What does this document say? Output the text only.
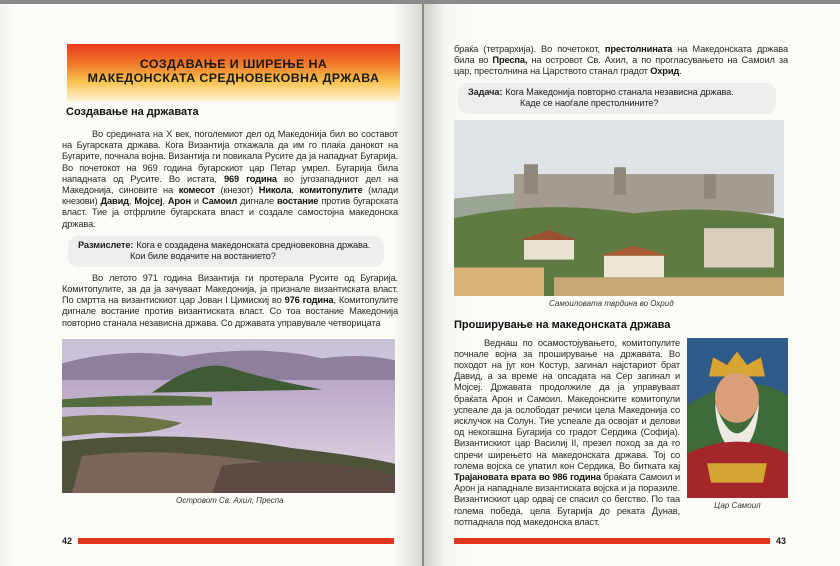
СОЗДАВАЊЕ И ШИРЕЊЕ НА
МАКЕДОНСКАТА СРЕДНОВЕКОВНА ДРЖАВА
Создавање на државата

Во средината на X век, поголемиот дел од Македонија бил во составот на Бугарската држава. Кога Византија откажала да им го плаќа данокот на Бугарите, почнала војна. Византија ги повикала Русите да ја нападнат Бугарија. Во почетокот на 969 година бугарскиот цар Петар умрел. Бугарија била нападната од Русите. Во истата, 969 година во југозападниот дел на Македонија, синовите на комесот (кнезот) Никола, комитопулите (млади кнезови) Давид, Мојсеј, Арон и Самоил дигнале востание против бугарската власт. Тие ја отфрлиле бугарската власт и создале самостојна македонска држава.

Размислете: Кога е создадена македонската средновековна држава.
Кои биле водачите на востанието?

Во летото 971 година Византија ги протерала Русите од Бугарија. Комитопулите, за да ја зачуваат Македонија, ја признале византиската власт. По смртта на византискиот цар Јован I Цимискиј во 976 година, Комитопулите дигнале востание против византиската власт. Со тоа востание Македонија повторно станала независна држава. Со државата управувале четворицата

Островот Св. Ахил, Преспа
42

браќа (тетрархија). Во почетокот, престолнината на Македонската држава била во Преспа, на островот Св. Ахил, а по прогласувањето на Самоил за цар, престолнина на Царството станал градот Охрид.

Задача: Кога Македонија повторно станала независна држава.
Каде се наоѓале престолнините?
Самоиловата тврдина во Охрид
Проширување на македонската држава

Веднаш по осамостојувањето, комитопулите почнале војна за проширување на државата. Во походот на југ кон Костур, загинал најстариот брат Давид, а за време на опсадата на Сер загинал и Мојсеј. Државата продолжиле да ја управуваат браќата Арон и Самоил. Македонските комитопули успеале да ја ослободат речиси цела Македонија со исклучок на Солун. Тие успеале да освојат и делови од некогашна Бугарија со градот Сердика (Софија). Византискиот цар Василиј II, презел поход за да го спречи ширењето на македонската држава. Тој со голема војска се упатил кон Сердика. Во битката кај Трајановата врата во 986 година браќата Самоил и Арон ја нападнале византиската војска и ја поразиле. Византискиот цар одвај се спасил со бегство. По таа голема победа, цела Бугарија до реката Дунав, потпаднала под македонска власт.

Цар Самоил
43
